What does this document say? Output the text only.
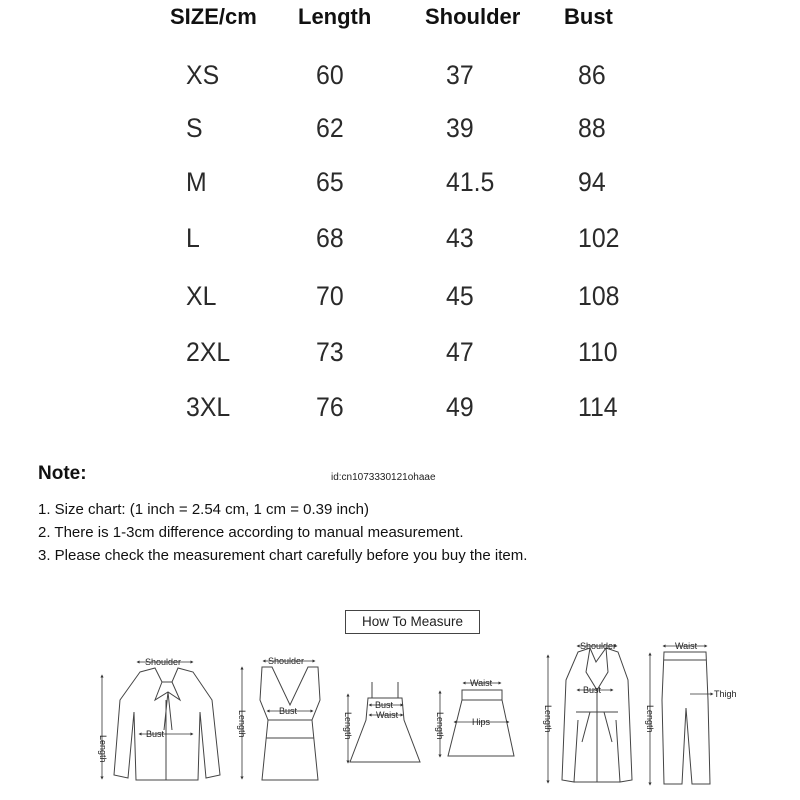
SIZE/cm Length Shoulder Bust
XS	60	37	86
S	62	39	88
M	65	41.5	94
L	68	43	102
XL	70	45	108
2XL	73	47	110
3XL	76	49	114
Note:	id:cn1073330121ohaae
1. Size chart: (1 inch = 2.54 cm, 1 cm = 0.39 inch)
2. There is 1-3cm difference according to manual measurement.
3. Please check the measurement chart carefully before you buy the item.
How To Measure
Shoulder
Bust
Length
Shoulder
Bust
Length
Bust
Waist
Length
Waist
Hips
Length
Shoulder
Bust
Length
Waist
Thigh
Length
